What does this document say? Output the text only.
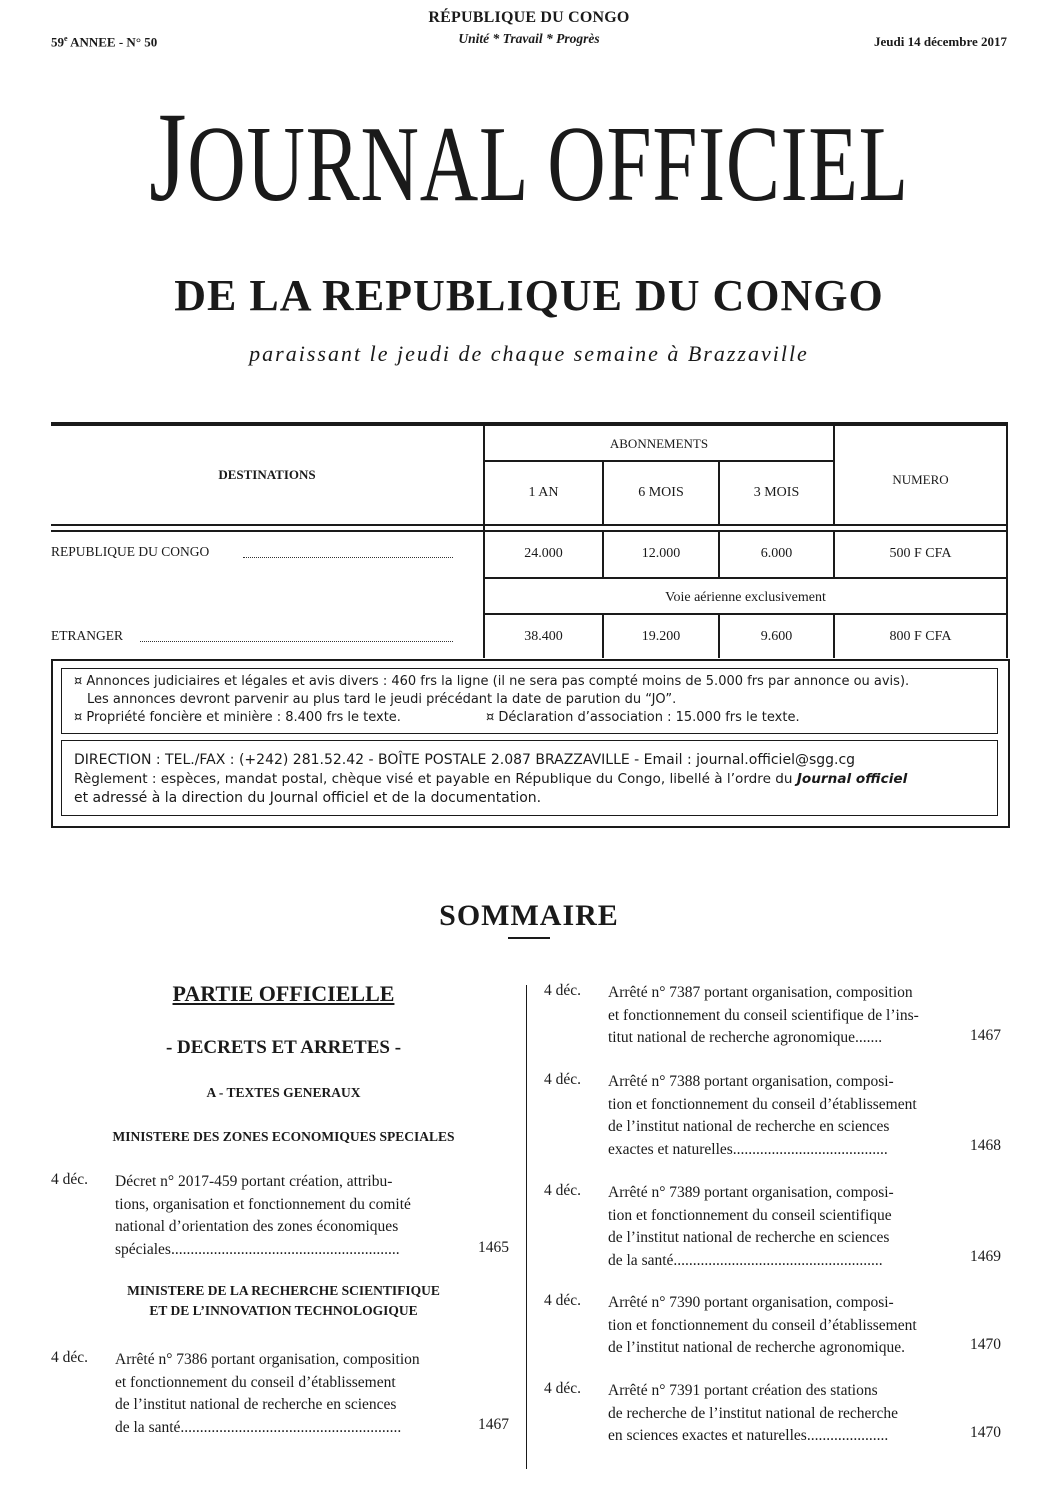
RÉPUBLIQUE DU CONGO
Unité * Travail * Progrès
59e ANNEE - N° 50	Jeudi 14 décembre 2017
JOURNAL OFFICIEL
DE LA REPUBLIQUE DU CONGO
paraissant le jeudi de chaque semaine à Brazzaville
DESTINATIONS
ABONNEMENTS
NUMERO
1 AN	6 MOIS	3 MOIS
REPUBLIQUE DU CONGO	24.000	12.000	6.000	500 F CFA
Voie aérienne exclusivement
ETRANGER	38.400	19.200	9.600	800 F CFA
¤ Annonces judiciaires et légales et avis divers : 460 frs la ligne (il ne sera pas compté moins de 5.000 frs par annonce ou avis).
Les annonces devront parvenir au plus tard le jeudi précédant la date de parution du “JO”.
¤ Propriété foncière et minière : 8.400 frs le texte.	¤ Déclaration d’association : 15.000 frs le texte.
DIRECTION : TEL./FAX : (+242) 281.52.42 - BOÎTE POSTALE 2.087 BRAZZAVILLE - Email : journal.officiel@sgg.cg
Règlement : espèces, mandat postal, chèque visé et payable en République du Congo, libellé à l’ordre du Journal officiel
et adressé à la direction du Journal officiel et de la documentation.
SOMMAIRE
PARTIE OFFICIELLE
- DECRETS ET ARRETES -
A - TEXTES GENERAUX
MINISTERE DES ZONES ECONOMIQUES SPECIALES
4 déc. Décret n° 2017-459 portant création, attribu-
tions, organisation et fonctionnement du comité
national d’orientation des zones économiques
spéciales...........................................................	1465
MINISTERE DE LA RECHERCHE SCIENTIFIQUE
ET DE L’INNOVATION TECHNOLOGIQUE
4 déc. Arrêté n° 7386 portant organisation, composition
et fonctionnement du conseil d’établissement
de l’institut national de recherche en sciences
de la santé.........................................................	1467
4 déc. Arrêté n° 7387 portant organisation, composition
et fonctionnement du conseil scientifique de l’ins-
titut national de recherche agronomique.......	1467
4 déc. Arrêté n° 7388 portant organisation, composi-
tion et fonctionnement du conseil d’établissement
de l’institut national de recherche en sciences
exactes et naturelles........................................	1468
4 déc. Arrêté n° 7389 portant organisation, composi-
tion et fonctionnement du conseil scientifique
de l’institut national de recherche en sciences
de la santé......................................................	1469
4 déc. Arrêté n° 7390 portant organisation, composi-
tion et fonctionnement du conseil d’établissement
de l’institut national de recherche agronomique.	1470
4 déc. Arrêté n° 7391 portant création des stations
de recherche de l’institut national de recherche
en sciences exactes et naturelles.....................	1470
